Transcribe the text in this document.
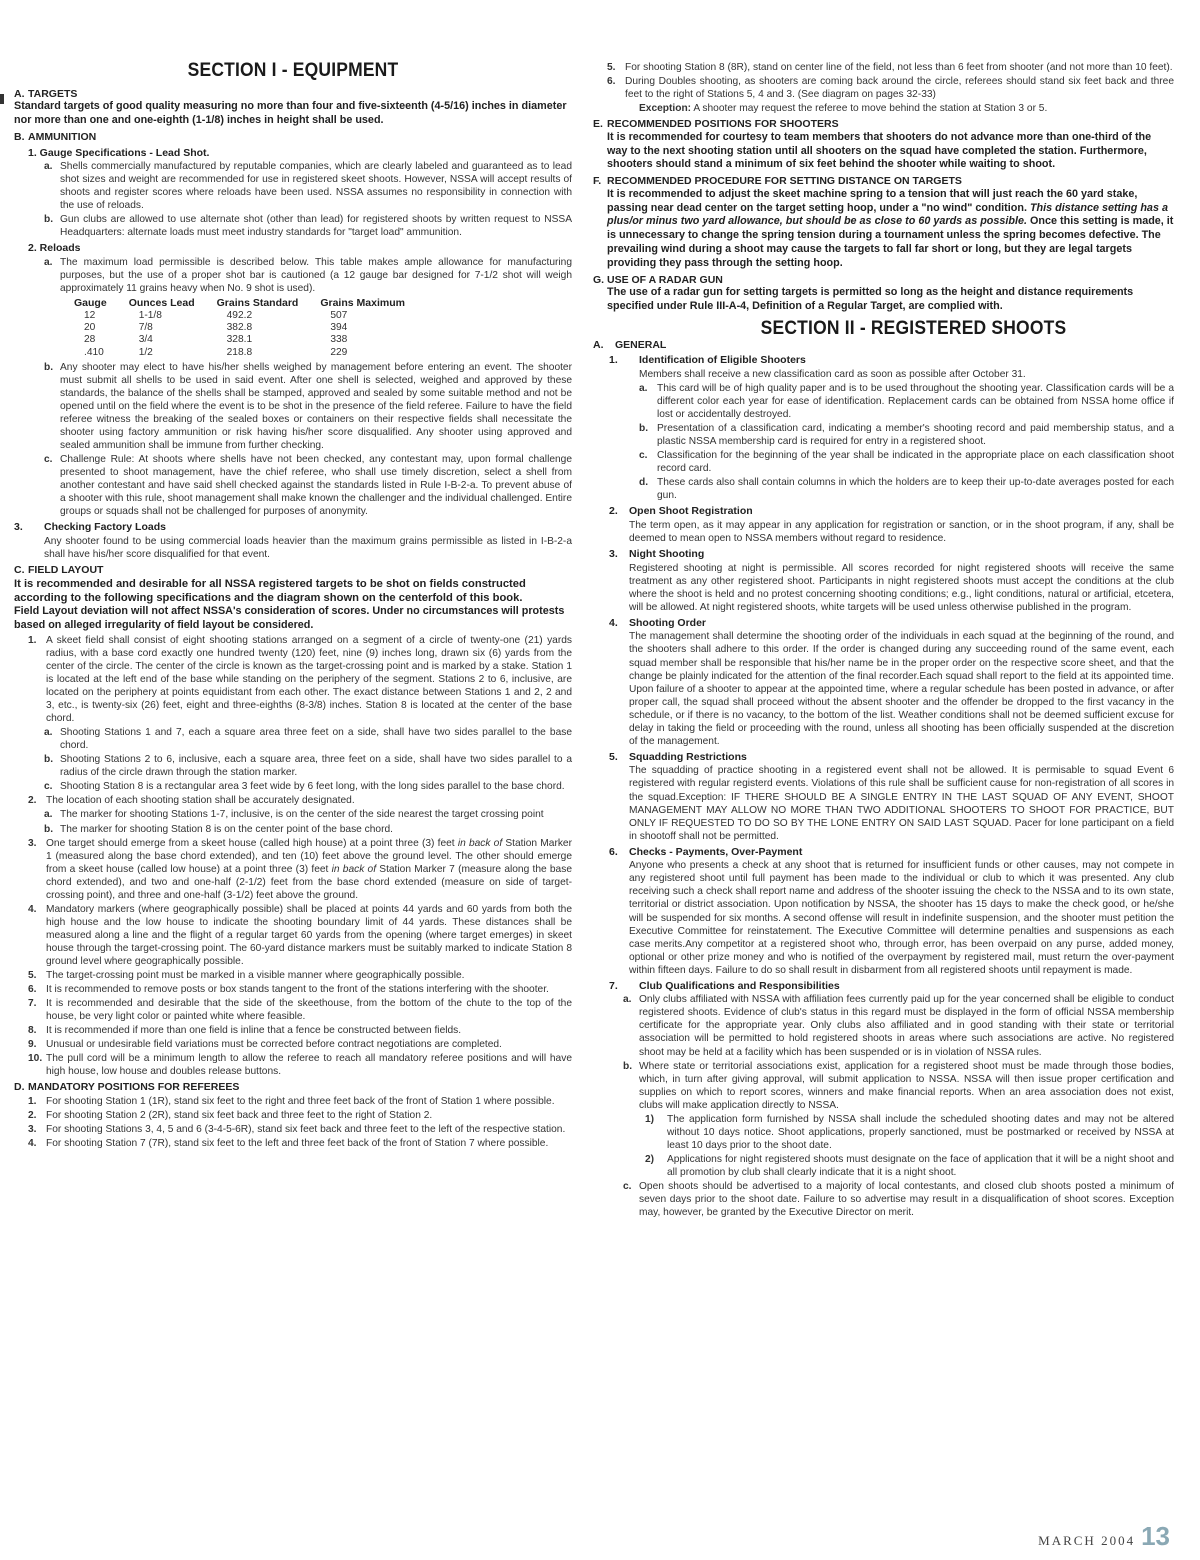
SECTION I - EQUIPMENT
A. TARGETS
Standard targets of good quality measuring no more than four and five-sixteenth (4-5/16) inches in diameter nor more than one and one-eighth (1-1/8) inches in height shall be used.
B. AMMUNITION
1. Gauge Specifications - Lead Shot.
a. Shells commercially manufactured by reputable companies, which are clearly labeled and guaranteed as to lead shot sizes and weight are recommended for use in registered skeet shoots. However, NSSA will accept results of shoots and register scores where reloads have been used. NSSA assumes no responsibility in connection with the use of reloads.
b. Gun clubs are allowed to use alternate shot (other than lead) for registered shoots by written request to NSSA Headquarters: alternate loads must meet industry standards for "target load" ammunition.
2. Reloads
a. The maximum load permissible is described below. This table makes ample allowance for manufacturing purposes, but the use of a proper shot bar is cautioned (a 12 gauge bar designed for 7-1/2 shot will weigh approximately 11 grains heavy when No. 9 shot is used).
Gauge	Ounces Lead	Grains Standard	Grains Maximum
12	1-1/8	492.2	507
20	7/8	382.8	394
28	3/4	328.1	338
.410	1/2	218.8	229
b. Any shooter may elect to have his/her shells weighed by management before entering an event. The shooter must submit all shells to be used in said event. After one shell is selected, weighed and approved by these standards, the balance of the shells shall be stamped, approved and sealed by some suitable method and not be opened until on the field where the event is to be shot in the presence of the field referee. Failure to have the field referee witness the breaking of the sealed boxes or containers on their respective fields shall necessitate the shooter using factory ammunition or risk having his/her score disqualified. Any shooter using approved and sealed ammunition shall be immune from further checking.
c. Challenge Rule: At shoots where shells have not been checked, any contestant may, upon formal challenge presented to shoot management, have the chief referee, who shall use timely discretion, select a shell from another contestant and have said shell checked against the standards listed in Rule I-B-2-a. To prevent abuse of a shooter with this rule, shoot management shall make known the challenger and the individual challenged. Entire groups or squads shall not be challenged for purposes of anonymity.
3. Checking Factory Loads
Any shooter found to be using commercial loads heavier than the maximum grains permissible as listed in I-B-2-a shall have his/her score disqualified for that event.
C. FIELD LAYOUT
It is recommended and desirable for all NSSA registered targets to be shot on fields constructed according to the following specifications and the diagram shown on the centerfold of this book.
Field Layout deviation will not affect NSSA's consideration of scores. Under no circumstances will protests based on alleged irregularity of field layout be considered.
1. A skeet field shall consist of eight shooting stations arranged on a segment of a circle of twenty-one (21) yards radius, with a base cord exactly one hundred twenty (120) feet, nine (9) inches long, drawn six (6) yards from the center of the circle. The center of the circle is known as the target-crossing point and is marked by a stake. Station 1 is located at the left end of the base while standing on the periphery of the segment. Stations 2 to 6, inclusive, are located on the periphery at points equidistant from each other. The exact distance between Stations 1 and 2, 2 and 3, etc., is twenty-six (26) feet, eight and three-eighths (8-3/8) inches. Station 8 is located at the center of the base chord.
a. Shooting Stations 1 and 7, each a square area three feet on a side, shall have two sides parallel to the base chord.
b. Shooting Stations 2 to 6, inclusive, each a square area, three feet on a side, shall have two sides parallel to a radius of the circle drawn through the station marker.
c. Shooting Station 8 is a rectangular area 3 feet wide by 6 feet long, with the long sides parallel to the base chord.
2. The location of each shooting station shall be accurately designated.
a. The marker for shooting Stations 1-7, inclusive, is on the center of the side nearest the target crossing point
b. The marker for shooting Station 8 is on the center point of the base chord.
3. One target should emerge from a skeet house (called high house) at a point three (3) feet in back of Station Marker 1 (measured along the base chord extended), and ten (10) feet above the ground level. The other should emerge from a skeet house (called low house) at a point three (3) feet in back of Station Marker 7 (measure along the base chord extended), and two and one-half (2-1/2) feet from the base chord extended (measure on side of target-crossing point), and three and one-half (3-1/2) feet above the ground.
4. Mandatory markers (where geographically possible) shall be placed at points 44 yards and 60 yards from both the high house and the low house to indicate the shooting boundary limit of 44 yards. These distances shall be measured along a line and the flight of a regular target 60 yards from the opening (where target emerges) in skeet house through the target-crossing point. The 60-yard distance markers must be suitably marked to indicate Station 8 ground level where geographically possible.
5. The target-crossing point must be marked in a visible manner where geographically possible.
6. It is recommended to remove posts or box stands tangent to the front of the stations interfering with the shooter.
7. It is recommended and desirable that the side of the skeethouse, from the bottom of the chute to the top of the house, be very light color or painted white where feasible.
8. It is recommended if more than one field is inline that a fence be constructed between fields.
9. Unusual or undesirable field variations must be corrected before contract negotiations are completed.
10. The pull cord will be a minimum length to allow the referee to reach all mandatory referee positions and will have high house, low house and doubles release buttons.
D. MANDATORY POSITIONS FOR REFEREES
1. For shooting Station 1 (1R), stand six feet to the right and three feet back of the front of Station 1 where possible.
2. For shooting Station 2 (2R), stand six feet back and three feet to the right of Station 2.
3. For shooting Stations 3, 4, 5 and 6 (3-4-5-6R), stand six feet back and three feet to the left of the respective station.
4. For shooting Station 7 (7R), stand six feet to the left and three feet back of the front of Station 7 where possible.
5. For shooting Station 8 (8R), stand on center line of the field, not less than 6 feet from shooter (and not more than 10 feet).
6. During Doubles shooting, as shooters are coming back around the circle, referees should stand six feet back and three feet to the right of Stations 5, 4 and 3. (See diagram on pages 32-33)
Exception: A shooter may request the referee to move behind the station at Station 3 or 5.
E. RECOMMENDED POSITIONS FOR SHOOTERS
It is recommended for courtesy to team members that shooters do not advance more than one-third of the way to the next shooting station until all shooters on the squad have completed the station. Furthermore, shooters should stand a minimum of six feet behind the shooter while waiting to shoot.
F. RECOMMENDED PROCEDURE FOR SETTING DISTANCE ON TARGETS
It is recommended to adjust the skeet machine spring to a tension that will just reach the 60 yard stake, passing near dead center on the target setting hoop, under a "no wind" condition. This distance setting has a plus/or minus two yard allowance, but should be as close to 60 yards as possible. Once this setting is made, it is unnecessary to change the spring tension during a tournament unless the spring becomes defective. The prevailing wind during a shoot may cause the targets to fall far short or long, but they are legal targets providing they pass through the setting hoop.
G. USE OF A RADAR GUN
The use of a radar gun for setting targets is permitted so long as the height and distance requirements specified under Rule III-A-4, Definition of a Regular Target, are complied with.
SECTION II - REGISTERED SHOOTS
A. GENERAL
1. Identification of Eligible Shooters
Members shall receive a new classification card as soon as possible after October 31.
a. This card will be of high quality paper and is to be used throughout the shooting year. Classification cards will be a different color each year for ease of identification. Replacement cards can be obtained from NSSA home office if lost or accidentally destroyed.
b. Presentation of a classification card, indicating a member's shooting record and paid membership status, and a plastic NSSA membership card is required for entry in a registered shoot.
c. Classification for the beginning of the year shall be indicated in the appropriate place on each classification shoot record card.
d. These cards also shall contain columns in which the holders are to keep their up-to-date averages posted for each gun.
2. Open Shoot Registration
The term open, as it may appear in any application for registration or sanction, or in the shoot program, if any, shall be deemed to mean open to NSSA members without regard to residence.
3. Night Shooting
Registered shooting at night is permissible. All scores recorded for night registered shoots will receive the same treatment as any other registered shoot. Participants in night registered shoots must accept the conditions at the club where the shoot is held and no protest concerning shooting conditions; e.g., light conditions, natural or artificial, etcetera, will be allowed. At night registered shoots, white targets will be used unless otherwise published in the program.
4. Shooting Order
The management shall determine the shooting order of the individuals in each squad at the beginning of the round, and the shooters shall adhere to this order. If the order is changed during any succeeding round of the same event, each squad member shall be responsible that his/her name be in the proper order on the respective score sheet, and that the change be plainly indicated for the attention of the final recorder.Each squad shall report to the field at its appointed time. Upon failure of a shooter to appear at the appointed time, where a regular schedule has been posted in advance, or after proper call, the squad shall proceed without the absent shooter and the offender be dropped to the first vacancy in the schedule, or if there is no vacancy, to the bottom of the list. Weather conditions shall not be deemed sufficient excuse for delay in taking the field or proceeding with the round, unless all shooting has been officially suspended at the discretion of the management.
5. Squadding Restrictions
The squadding of practice shooting in a registered event shall not be allowed. It is permisable to squad Event 6 registered with regular registerd events. Violations of this rule shall be sufficient cause for non-registration of all scores in the squad.Exception: IF THERE SHOULD BE A SINGLE ENTRY IN THE LAST SQUAD OF ANY EVENT, SHOOT MANAGEMENT MAY ALLOW NO MORE THAN TWO ADDITIONAL SHOOTERS TO SHOOT FOR PRACTICE, BUT ONLY IF REQUESTED TO DO SO BY THE LONE ENTRY ON SAID LAST SQUAD. Pacer for lone participant on a field in shootoff shall not be permitted.
6. Checks - Payments, Over-Payment
Anyone who presents a check at any shoot that is returned for insufficient funds or other causes, may not compete in any registered shoot until full payment has been made to the individual or club to which it was presented. Any club receiving such a check shall report name and address of the shooter issuing the check to the NSSA and to its own state, territorial or district association. Upon notification by NSSA, the shooter has 15 days to make the check good, or he/she will be suspended for six months. A second offense will result in indefinite suspension, and the shooter must petition the Executive Committee for reinstatement. The Executive Committee will determine penalties and suspensions as each case merits.Any competitor at a registered shoot who, through error, has been overpaid on any purse, added money, optional or other prize money and who is notified of the overpayment by registered mail, must return the over-payment within fifteen days. Failure to do so shall result in disbarment from all registered shoots until repayment is made.
7. Club Qualifications and Responsibilities
a. Only clubs affiliated with NSSA with affiliation fees currently paid up for the year concerned shall be eligible to conduct registered shoots. Evidence of club's status in this regard must be displayed in the form of official NSSA membership certificate for the appropriate year. Only clubs also affiliated and in good standing with their state or territorial association will be permitted to hold registered shoots in areas where such associations are active. No registered shoot may be held at a facility which has been suspended or is in violation of NSSA rules.
b. Where state or territorial associations exist, application for a registered shoot must be made through those bodies, which, in turn after giving approval, will submit application to NSSA. NSSA will then issue proper certification and supplies on which to report scores, winners and make financial reports. When an area association does not exist, clubs will make application directly to NSSA.
1)	The application form furnished by NSSA shall include the scheduled shooting dates and may not be altered without 10 days notice. Shoot applications, properly sanctioned, must be postmarked or received by NSSA at least 10 days prior to the shoot date.
2)	Applications for night registered shoots must designate on the face of application that it will be a night shoot and all promotion by club shall clearly indicate that it is a night shoot.
c. Open shoots should be advertised to a majority of local contestants, and closed club shoots posted a minimum of seven days prior to the shoot date. Failure to so advertise may result in a disqualification of shoot scores. Exception may, however, be granted by the Executive Director on merit.
MARCH 2004 13
